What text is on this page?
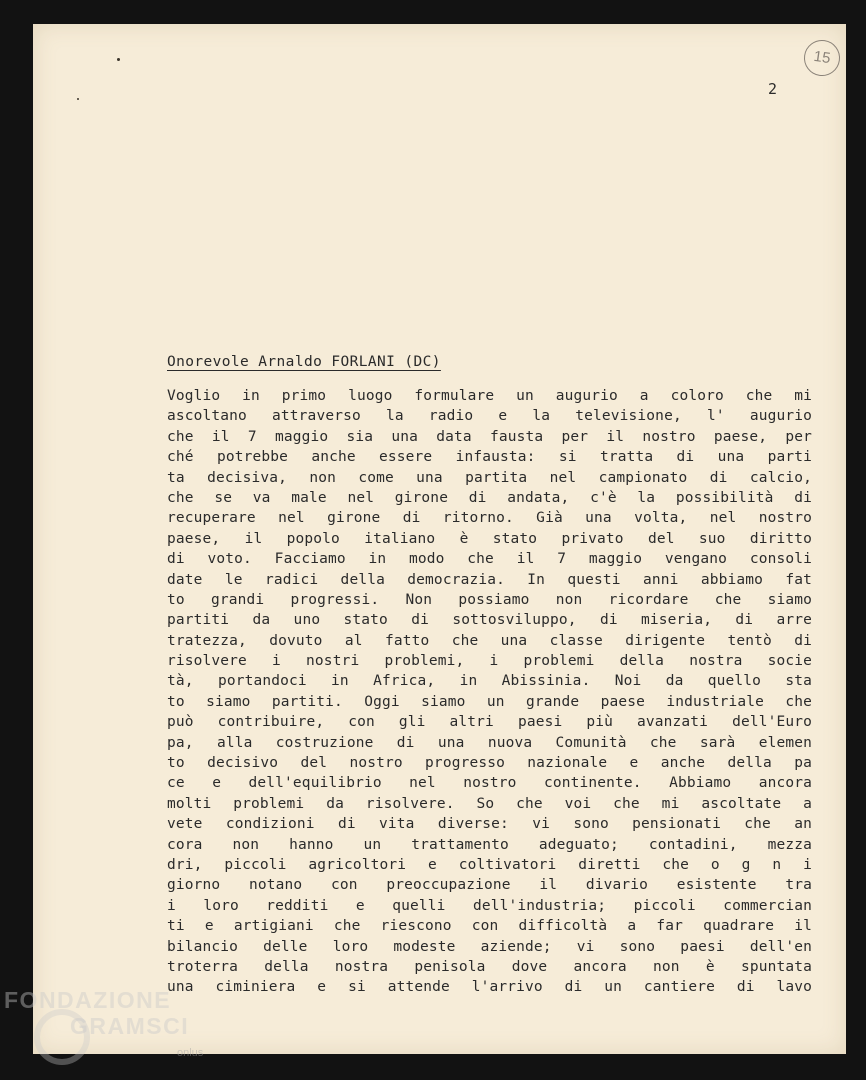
15
2
Onorevole Arnaldo FORLANI (DC)
Voglio in primo luogo formulare un augurio a coloro che mi
ascoltano attraverso la radio e la televisione, l' augurio
che il 7 maggio sia una data fausta per il nostro paese, per
ché potrebbe anche essere infausta: si tratta di una parti
ta decisiva, non come una partita nel campionato di calcio,
che se va male nel girone di andata, c'è la possibilità di
recuperare nel girone di ritorno. Già una volta, nel nostro
paese, il popolo italiano è stato privato del suo diritto
di voto. Facciamo in modo che il 7 maggio vengano consoli
date le radici della democrazia. In questi anni abbiamo fat
to grandi progressi. Non possiamo non ricordare che siamo
partiti da uno stato di sottosviluppo, di miseria, di arre
tratezza, dovuto al fatto che una classe dirigente tentò di
risolvere i nostri problemi, i problemi della nostra socie
tà, portandoci in Africa, in Abissinia. Noi da quello sta
to siamo partiti. Oggi siamo un grande paese industriale che
può contribuire, con gli altri paesi più avanzati dell'Euro
pa, alla costruzione di una nuova Comunità che sarà elemen
to decisivo del nostro progresso nazionale e anche della pa
ce e dell'equilibrio nel nostro continente. Abbiamo ancora
molti problemi da risolvere. So che voi che mi ascoltate a
vete condizioni di vita diverse: vi sono pensionati che an
cora non hanno un trattamento adeguato; contadini, mezza
dri, piccoli agricoltori e coltivatori diretti che o g n i
giorno notano con preoccupazione il divario esistente tra
i loro redditi e quelli dell'industria; piccoli commercian
ti e artigiani che riescono con difficoltà a far quadrare il
bilancio delle loro modeste aziende; vi sono paesi dell'en
troterra della nostra penisola dove ancora non è spuntata
una ciminiera e si attende l'arrivo di un cantiere di lavo
FONDAZIONE
GRAMSCI
onlus
